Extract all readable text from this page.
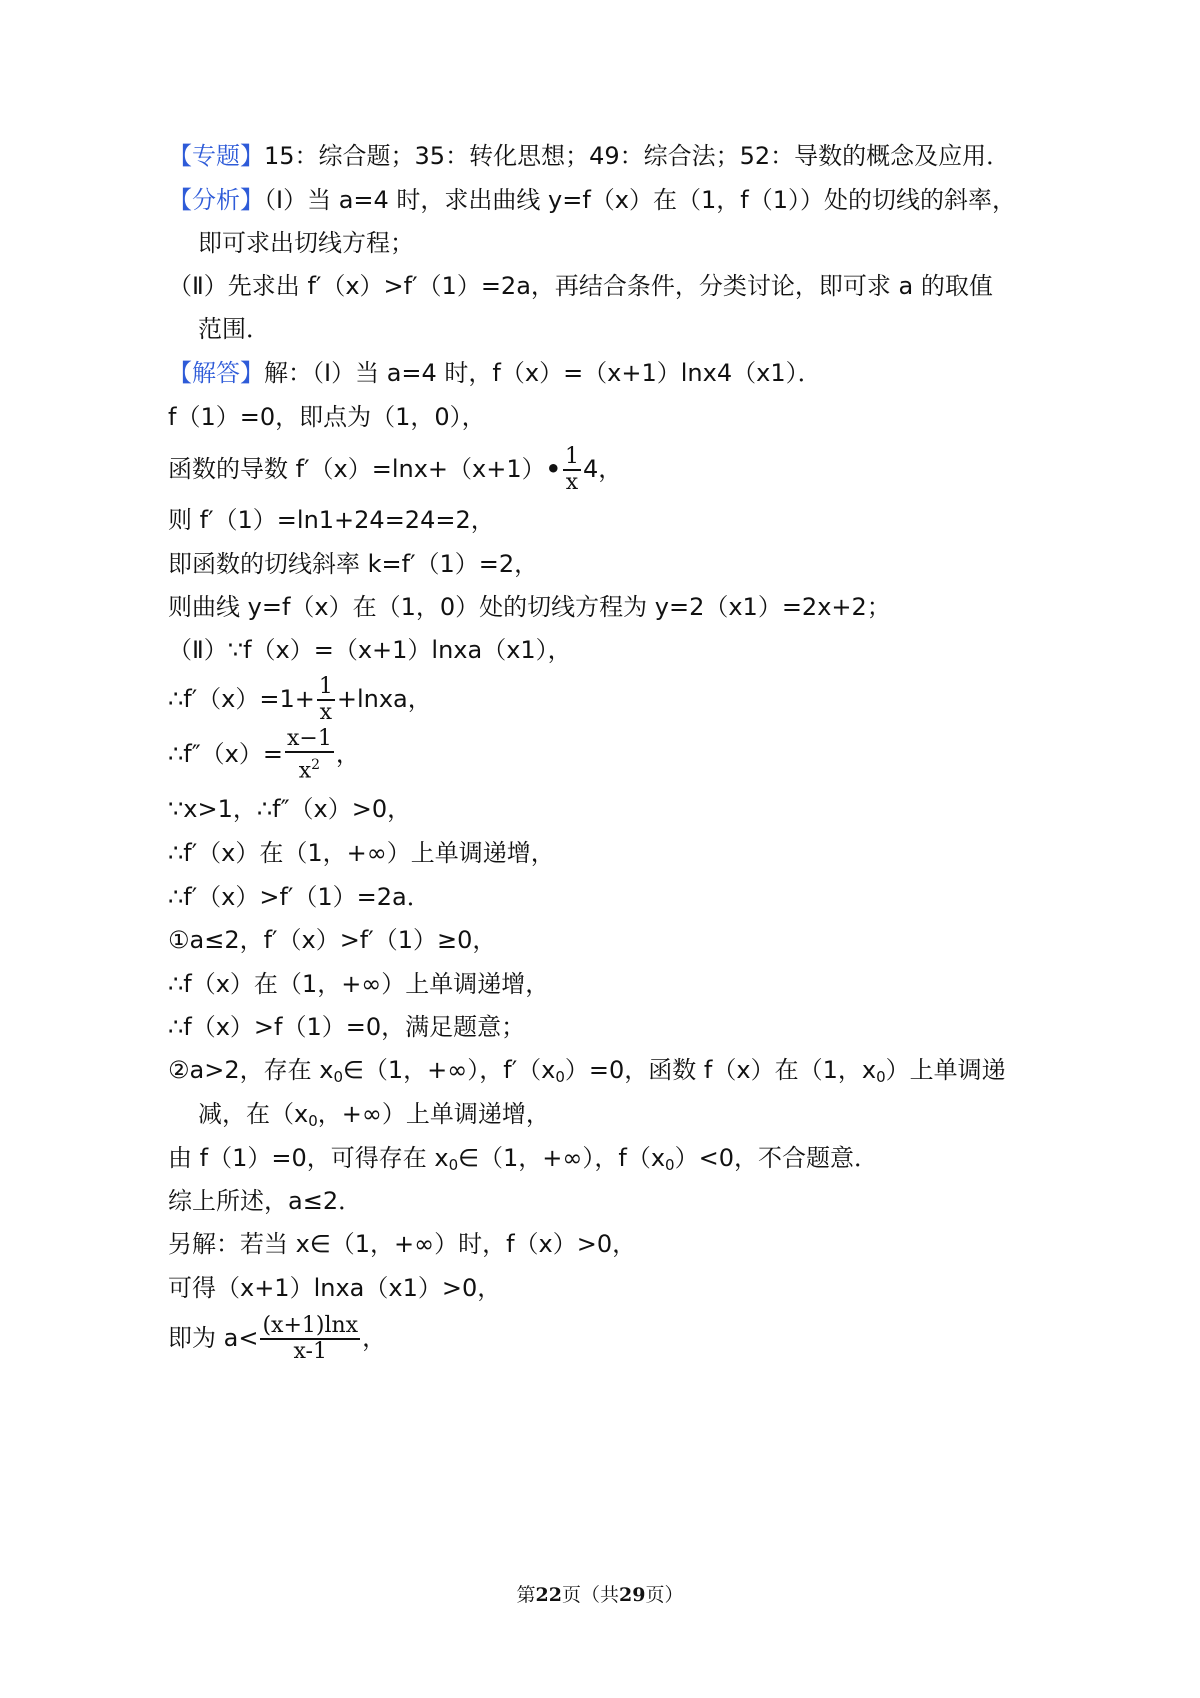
【专题】15：综合题；35：转化思想；49：综合法；52：导数的概念及应用．
【分析】（Ⅰ）当 a=4 时，求出曲线 y=f（x）在（1，f（1））处的切线的斜率，
即可求出切线方程；
（Ⅱ）先求出 f′（x）>f′（1）=2a，再结合条件，分类讨论，即可求 a 的取值
范围．
【解答】解：（Ⅰ）当 a=4 时，f（x）=（x+1）lnx4（x1）．
f（1）=0，即点为（1，0），
函数的导数 f′（x）=lnx+（x+1）• $\frac{1}{x} 4$，
则 f′（1）=ln1+24=24=2，
即函数的切线斜率 k=f′（1）=2，
则曲线 y=f（x）在（1，0）处的切线方程为 y=2（x1）=2x+2；
（Ⅱ）∵f（x）=（x+1）lnxa（x1），
∴f′（x）=1+ $\frac{1}{x}$ +lnxa，
∴f″（x）= $\frac{x-1}{x^2}$ ，
∵x>1，∴f″（x）>0，
∴f′（x）在（1，+∞）上单调递增，
∴f′（x）>f′（1）=2a．
①a≤2，f′（x）>f′（1）≥0，
∴f（x）在（1，+∞）上单调递增，
∴f（x）>f（1）=0，满足题意；
②a>2，存在 $x_0\in(1$，+∞），$f'(x_0)=0$，函数 f（x）在（1，$x_0$）上单调递
减，在（$x_0$，+∞）上单调递增，
由 f（1）=0，可得存在 $x_0\in(1$，+∞），$f(x_0)<0$，不合题意．
综上所述，a≤2．
另解：若当 x∈（1，+∞）时，f（x）>0，
可得（x+1）lnxa（x1）>0，
即为 $a< \frac{(x+1)\ln x}{x-1}$ ，
第22页（共29页）
